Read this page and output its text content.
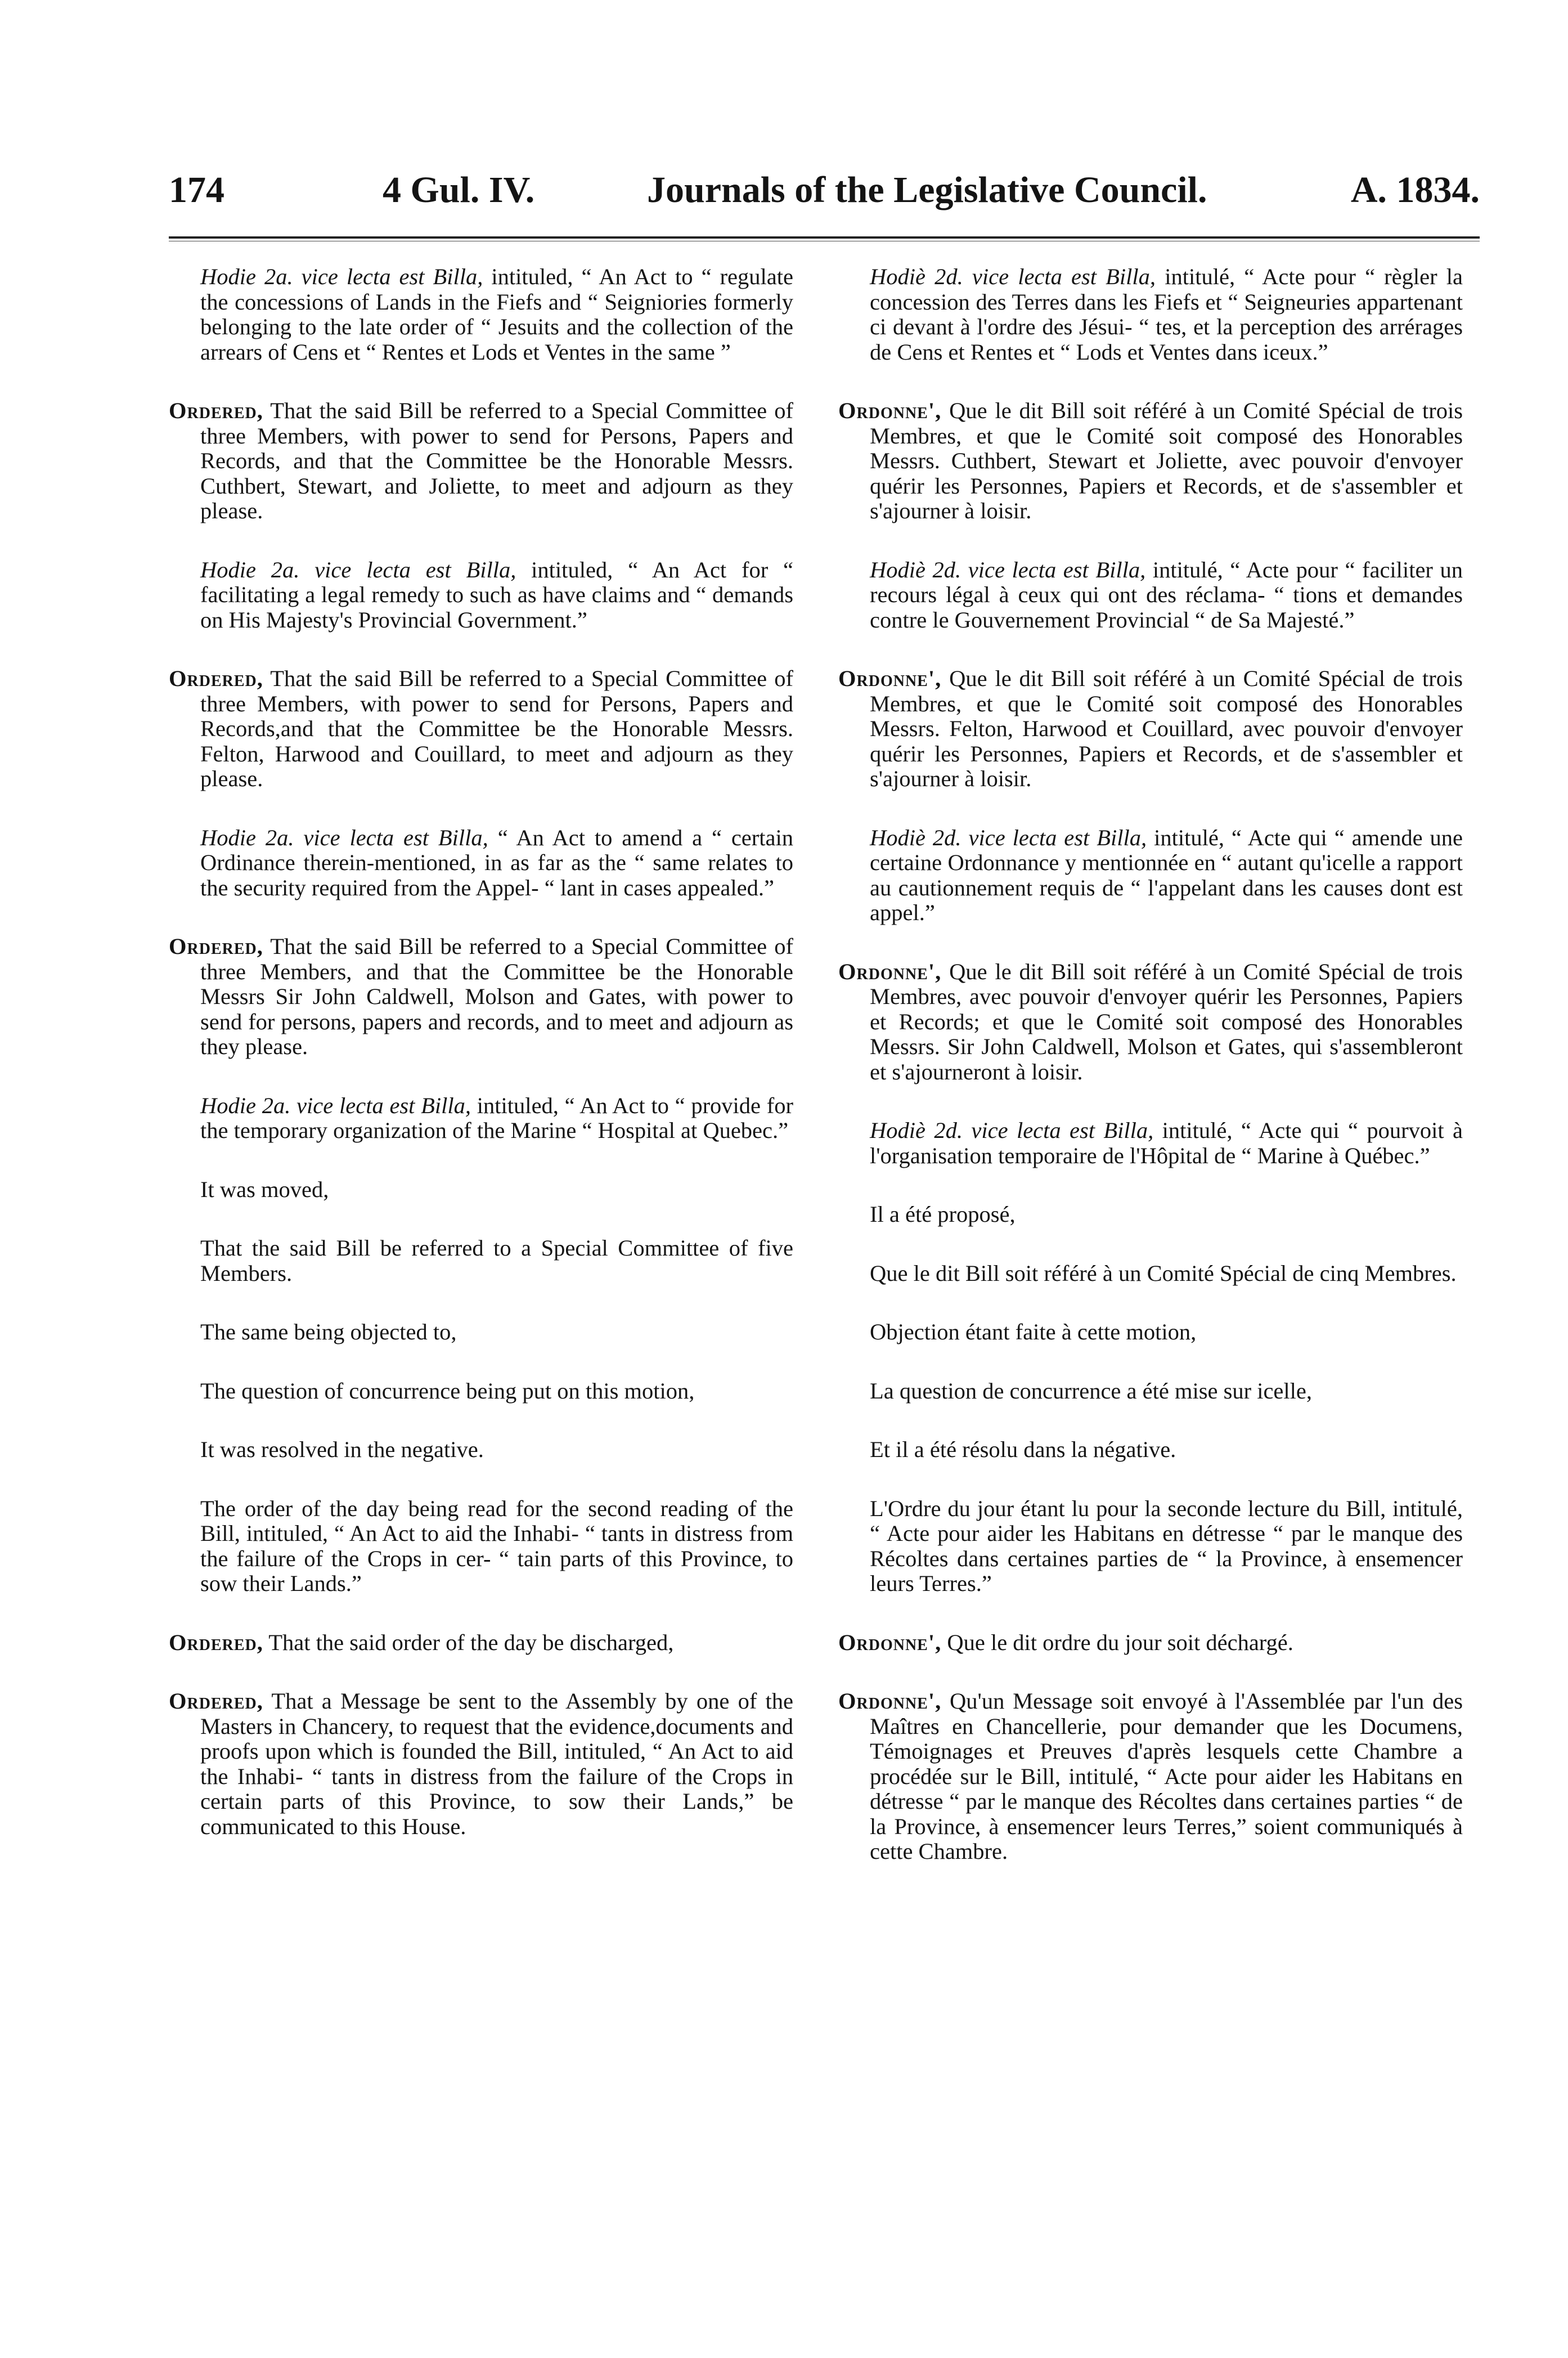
174	4 Gul. IV.	Journals of the Legislative Council.	A. 1834.

Hodie 2a. vice lecta est Billa, intituled, “ An Act to “ regulate the concessions of Lands in the Fiefs and “ Seigniories formerly belonging to the late order of “ Jesuits and the collection of the arrears of Cens et “ Rentes et Lods et Ventes in the same ”

Ordered, That the said Bill be referred to a Special Committee of three Members, with power to send for Persons, Papers and Records, and that the Committee be the Honorable Messrs. Cuthbert, Stewart, and Joliette, to meet and adjourn as they please.

Hodie 2a. vice lecta est Billa, intituled, “ An Act for “ facilitating a legal remedy to such as have claims and “ demands on His Majesty's Provincial Government.”

Ordered, That the said Bill be referred to a Special Committee of three Members, with power to send for Persons, Papers and Records,and that the Committee be the Honorable Messrs. Felton, Harwood and Couillard, to meet and adjourn as they please.

Hodie 2a. vice lecta est Billa, “ An Act to amend a “ certain Ordinance therein-mentioned, in as far as the “ same relates to the security required from the Appel- “ lant in cases appealed.”

Ordered, That the said Bill be referred to a Special Committee of three Members, and that the Committee be the Honorable Messrs Sir John Caldwell, Molson and Gates, with power to send for persons, papers and records, and to meet and adjourn as they please.

Hodie 2a. vice lecta est Billa, intituled, “ An Act to “ provide for the temporary organization of the Marine “ Hospital at Quebec.”

It was moved,

That the said Bill be referred to a Special Committee of five Members.

The same being objected to,

The question of concurrence being put on this motion,

It was resolved in the negative.

The order of the day being read for the second reading of the Bill, intituled, “ An Act to aid the Inhabi- “ tants in distress from the failure of the Crops in cer- “ tain parts of this Province, to sow their Lands.”

Ordered, That the said order of the day be discharged,

Ordered, That a Message be sent to the Assembly by one of the Masters in Chancery, to request that the evidence,documents and proofs upon which is founded the Bill, intituled, “ An Act to aid the Inhabi- “ tants in distress from the failure of the Crops in certain parts of this Province, to sow their Lands,” be communicated to this House.

Hodiè 2d. vice lecta est Billa, intitulé, “ Acte pour “ règler la concession des Terres dans les Fiefs et “ Seigneuries appartenant ci devant à l'ordre des Jésui- “ tes, et la perception des arrérages de Cens et Rentes et “ Lods et Ventes dans iceux.”

Ordonne', Que le dit Bill soit référé à un Comité Spécial de trois Membres, et que le Comité soit composé des Honorables Messrs. Cuthbert, Stewart et Joliette, avec pouvoir d'envoyer quérir les Personnes, Papiers et Records, et de s'assembler et s'ajourner à loisir.

Hodiè 2d. vice lecta est Billa, intitulé, “ Acte pour “ faciliter un recours légal à ceux qui ont des réclama- “ tions et demandes contre le Gouvernement Provincial “ de Sa Majesté.”

Ordonne', Que le dit Bill soit référé à un Comité Spécial de trois Membres, et que le Comité soit composé des Honorables Messrs. Felton, Harwood et Couillard, avec pouvoir d'envoyer quérir les Personnes, Papiers et Records, et de s'assembler et s'ajourner à loisir.

Hodiè 2d. vice lecta est Billa, intitulé, “ Acte qui “ amende une certaine Ordonnance y mentionnée en “ autant qu'icelle a rapport au cautionnement requis de “ l'appelant dans les causes dont est appel.”

Ordonne', Que le dit Bill soit référé à un Comité Spécial de trois Membres, avec pouvoir d'envoyer quérir les Personnes, Papiers et Records; et que le Comité soit composé des Honorables Messrs. Sir John Caldwell, Molson et Gates, qui s'assembleront et s'ajourneront à loisir.

Hodiè 2d. vice lecta est Billa, intitulé, “ Acte qui “ pourvoit à l'organisation temporaire de l'Hôpital de “ Marine à Québec.”

Il a été proposé,

Que le dit Bill soit référé à un Comité Spécial de cinq Membres.

Objection étant faite à cette motion,

La question de concurrence a été mise sur icelle,

Et il a été résolu dans la négative.

L'Ordre du jour étant lu pour la seconde lecture du Bill, intitulé, “ Acte pour aider les Habitans en détresse “ par le manque des Récoltes dans certaines parties de “ la Province, à ensemencer leurs Terres.”

Ordonne', Que le dit ordre du jour soit déchargé.

Ordonne', Qu'un Message soit envoyé à l'Assemblée par l'un des Maîtres en Chancellerie, pour demander que les Documens, Témoignages et Preuves d'après lesquels cette Chambre a procédée sur le Bill, intitulé, “ Acte pour aider les Habitans en détresse “ par le manque des Récoltes dans certaines parties “ de la Province, à ensemencer leurs Terres,” soient communiqués à cette Chambre.
